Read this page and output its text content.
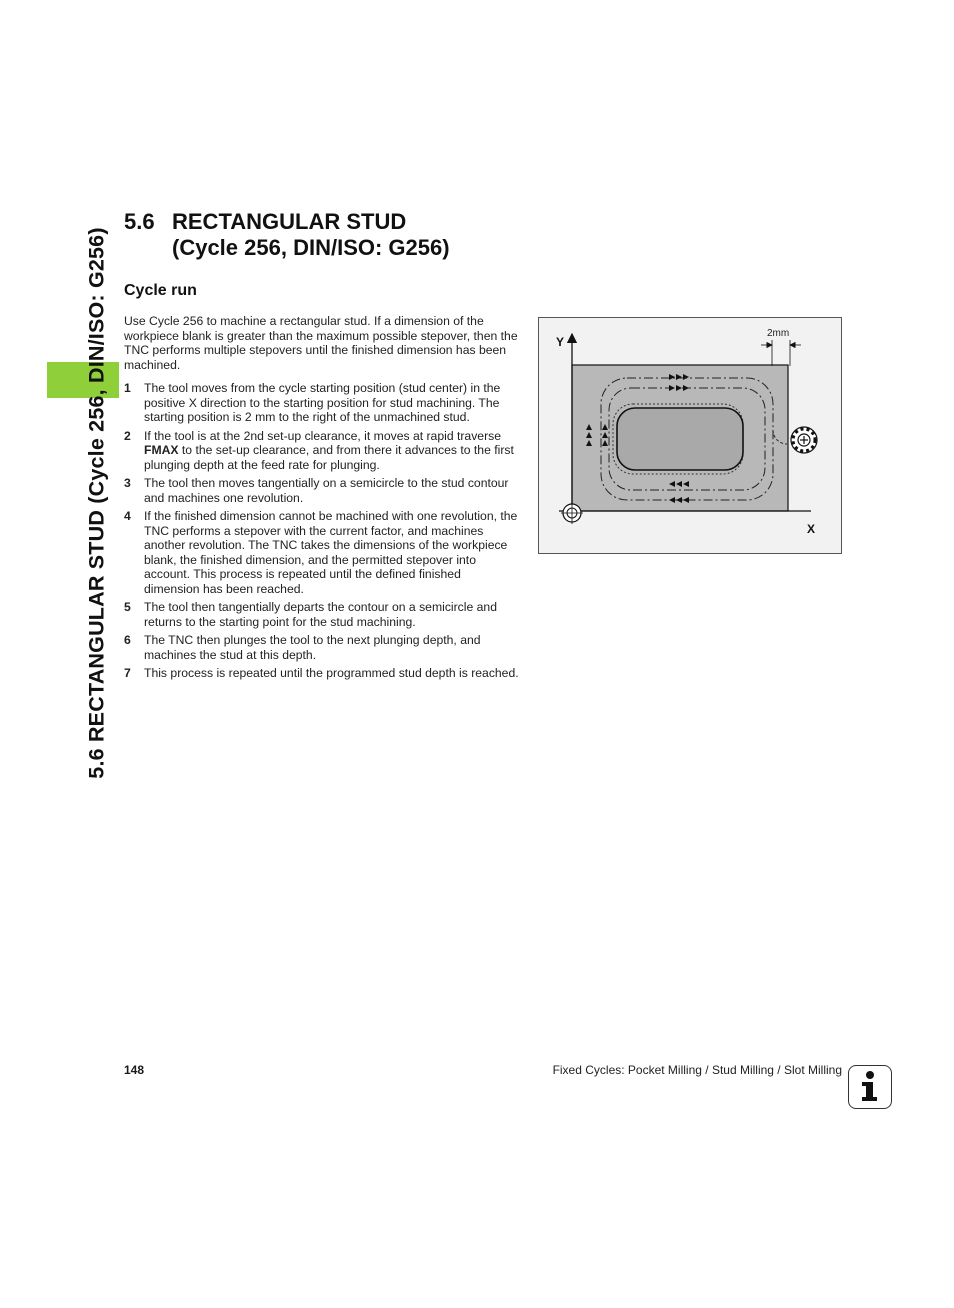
5.6 RECTANGULAR STUD (Cycle 256, DIN/ISO: G256)
5.6 RECTANGULAR STUD
(Cycle 256, DIN/ISO: G256)
Cycle run

Use Cycle 256 to machine a rectangular stud. If a dimension of the workpiece blank is greater than the maximum possible stepover, then the TNC performs multiple stepovers until the finished dimension has been machined.

1	The tool moves from the cycle starting position (stud center) in the positive X direction to the starting position for stud machining. The starting position is 2 mm to the right of the unmachined stud.
2	If the tool is at the 2nd set-up clearance, it moves at rapid traverse FMAX to the set-up clearance, and from there it advances to the first plunging depth at the feed rate for plunging.
3	The tool then moves tangentially on a semicircle to the stud contour and machines one revolution.
4	If the finished dimension cannot be machined with one revolution, the TNC performs a stepover with the current factor, and machines another revolution. The TNC takes the dimensions of the workpiece blank, the finished dimension, and the permitted stepover into account. This process is repeated until the defined finished dimension has been reached.
5	The tool then tangentially departs the contour on a semicircle and returns to the starting point for the stud machining.
6	The TNC then plunges the tool to the next plunging depth, and machines the stud at this depth.
7	This process is repeated until the programmed stud depth is reached.
Y
X
2mm
148	Fixed Cycles: Pocket Milling / Stud Milling / Slot Milling
